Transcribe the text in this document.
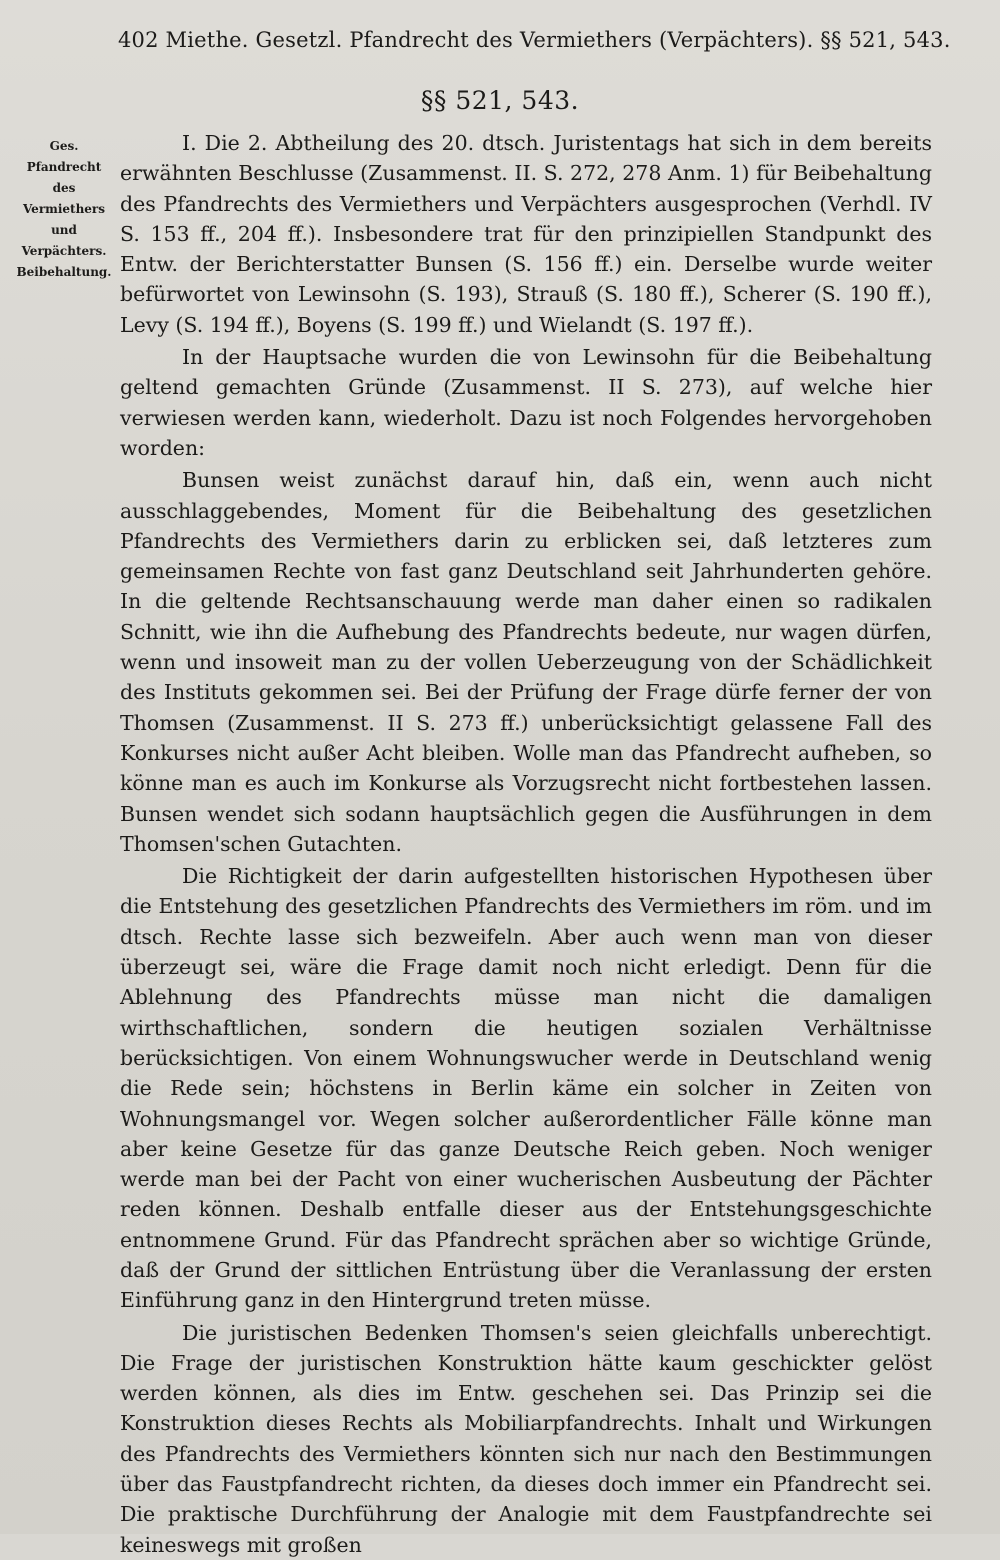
402 Miethe. Gesetzl. Pfandrecht des Vermiethers (Verpächters). §§ 521, 543.
§§ 521, 543.
Ges. Pfandrecht des Vermiethers und Verpächters. Beibehaltung.

I. Die 2. Abtheilung des 20. dtsch. Juristentags hat sich in dem bereits erwähnten Beschlusse (Zusammenst. II. S. 272, 278 Anm. 1) für Beibehaltung des Pfandrechts des Vermiethers und Verpächters ausgesprochen (Verhdl. IV S. 153 ff., 204 ff.). Insbesondere trat für den prinzipiellen Standpunkt des Entw. der Berichterstatter Bunsen (S. 156 ff.) ein. Derselbe wurde weiter befürwortet von Lewinsohn (S. 193), Strauß (S. 180 ff.), Scherer (S. 190 ff.), Levy (S. 194 ff.), Boyens (S. 199 ff.) und Wielandt (S. 197 ff.).

In der Hauptsache wurden die von Lewinsohn für die Beibehaltung geltend gemachten Gründe (Zusammenst. II S. 273), auf welche hier verwiesen werden kann, wiederholt. Dazu ist noch Folgendes hervorgehoben worden:

Bunsen weist zunächst darauf hin, daß ein, wenn auch nicht ausschlaggebendes, Moment für die Beibehaltung des gesetzlichen Pfandrechts des Vermiethers darin zu erblicken sei, daß letzteres zum gemeinsamen Rechte von fast ganz Deutschland seit Jahrhunderten gehöre. In die geltende Rechtsanschauung werde man daher einen so radikalen Schnitt, wie ihn die Aufhebung des Pfandrechts bedeute, nur wagen dürfen, wenn und insoweit man zu der vollen Ueberzeugung von der Schädlichkeit des Instituts gekommen sei. Bei der Prüfung der Frage dürfe ferner der von Thomsen (Zusammenst. II S. 273 ff.) unberücksichtigt gelassene Fall des Konkurses nicht außer Acht bleiben. Wolle man das Pfandrecht aufheben, so könne man es auch im Konkurse als Vorzugsrecht nicht fortbestehen lassen. Bunsen wendet sich sodann hauptsächlich gegen die Ausführungen in dem Thomsen'schen Gutachten.

Die Richtigkeit der darin aufgestellten historischen Hypothesen über die Entstehung des gesetzlichen Pfandrechts des Vermiethers im röm. und im dtsch. Rechte lasse sich bezweifeln. Aber auch wenn man von dieser überzeugt sei, wäre die Frage damit noch nicht erledigt. Denn für die Ablehnung des Pfandrechts müsse man nicht die damaligen wirthschaftlichen, sondern die heutigen sozialen Verhältnisse berücksichtigen. Von einem Wohnungswucher werde in Deutschland wenig die Rede sein; höchstens in Berlin käme ein solcher in Zeiten von Wohnungsmangel vor. Wegen solcher außerordentlicher Fälle könne man aber keine Gesetze für das ganze Deutsche Reich geben. Noch weniger werde man bei der Pacht von einer wucherischen Ausbeutung der Pächter reden können. Deshalb entfalle dieser aus der Entstehungsgeschichte entnommene Grund. Für das Pfandrecht sprächen aber so wichtige Gründe, daß der Grund der sittlichen Entrüstung über die Veranlassung der ersten Einführung ganz in den Hintergrund treten müsse.

Die juristischen Bedenken Thomsen's seien gleichfalls unberechtigt. Die Frage der juristischen Konstruktion hätte kaum geschickter gelöst werden können, als dies im Entw. geschehen sei. Das Prinzip sei die Konstruktion dieses Rechts als Mobiliarpfandrechts. Inhalt und Wirkungen des Pfandrechts des Vermiethers könnten sich nur nach den Bestimmungen über das Faustpfandrecht richten, da dieses doch immer ein Pfandrecht sei. Die praktische Durchführung der Analogie mit dem Faustpfandrechte sei keineswegs mit großen
